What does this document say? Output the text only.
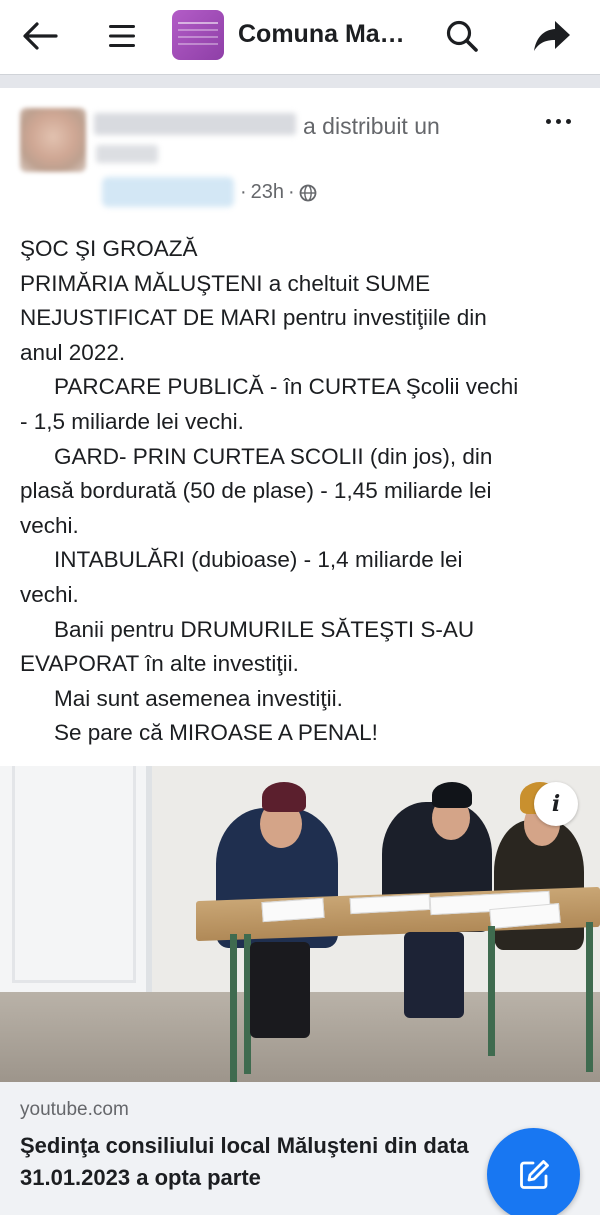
Comuna Ma…
a distribuit un
· 23h ·

ŞOC ŞI GROAZĂ

PRIMĂRIA MĂLUŞTENI a cheltuit SUME

NEJUSTIFICAT DE MARI pentru investiţiile din

anul 2022.

PARCARE PUBLICĂ - în CURTEA Şcolii vechi

- 1,5 miliarde lei vechi.

GARD- PRIN CURTEA SCOLII (din jos), din

plasă bordurată (50 de plase) - 1,45 miliarde lei

vechi.

INTABULĂRI (dubioase) - 1,4 miliarde lei

vechi.

Banii pentru DRUMURILE SĂTEŞTI S-AU

EVAPORAT în alte investiţii.

Mai sunt asemenea investiţii.

Se pare că MIROASE A PENAL!

i
youtube.com

Şedinţa consiliului local Măluşteni din data

31.01.2023 a opta parte
